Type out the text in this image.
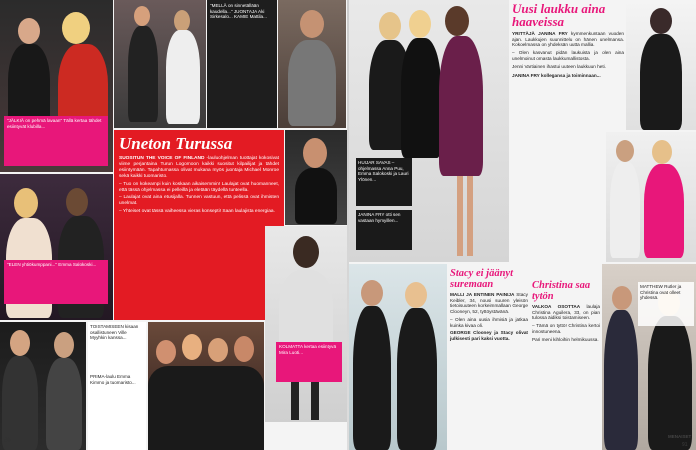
"JÄLKIÄ on pehmä lavaan" Tällä kertaa tähdet esiintyvät klubilla...
"MELLÄ on sinnetällään kaudella..." JUONTAJA Aki Sirkesalo... KAMIE Mattila...
"ELEN yhtiökumppani..." Emma Salokoski...
Uneton Turussa
SUOSITUN THE VOICE OF FINLAND -lauluohjelman tuottajat kokosivat viime perjantaina Turun Logomoon kaikki suositut kilpailijat ja tähdet esiintymään. Tapahtumassa olivat mukana myös juontaja Michael Monroe sekä kaikki tuomaristo.
– Tuo on kokeampi kuin koskaan aikaisemmin! Laulajat ovat huomanneet, että tässä ohjelmassa ei pelleillä ja eletään täydellä tunteella.
– Laulajat ovat aina etusijalla. Tunnen vastuun, että pelissä ovat ihmisten unelmat.
– Yhteiset ovat tässä vaiheessa vieras konsepti! Saan laulajista energiaa.
KOLMATTA kertaa esiintyvä Mira Luoti...
TOISTAMISEEN kisaan osallistuneen Ville Myyhkin kanssa...
PRIMA-laulu Emma Kimmo ja tuomaristo...
90
HUIJAR SAVAS – ohjelmassa Anna Puu, Emma Salokoski ja Lauri Ylönen...
JANINA FRY otti sen vastaan hymyillen...
Uusi laukku aina haaveissa
YRITTÄJÄ JANINA FRY kymmenkuntaan vuoden ajan. Laukkujen suunnittelu on hänen unelmansa. Kokoelmassa on yhdeksän uutta mallia.
– Olen kasvanut pidän laukuista ja olen aina unelmoinut omasta laukkumallistosta.
Jenni Vartiainen ihastui uuteen laukkuun heti.
JANINA FRY kollegansa ja toiminnaan...
Stacy ei jäänyt suremaan
MALLI JA ENTINEN PAINIJA Stacy Keibler, 34, nousi suuren yleisön tietoisuuteen korkeimmallaan George Clooneyn, 52, tyttöystävänä.
– Olen aina uusia ihmisiä ja jatkaa kuinka kivaa oli.
GEORGE Clooney ja Stacy olivat julkisesti pari kaksi vuotta.
Christina saa tytön
VALKOA OSOTTAA laulaja Christina Aguilera, 33, on pian tulossa äidiksi toistamiseen.
– Tämä on tyttö! Christina kertoi innostuneena.
Pari meni kihloihin helmikuussa.
MATTHEW Rutler ja Christina ovat olleet yhdessä.
MENAISET
91
